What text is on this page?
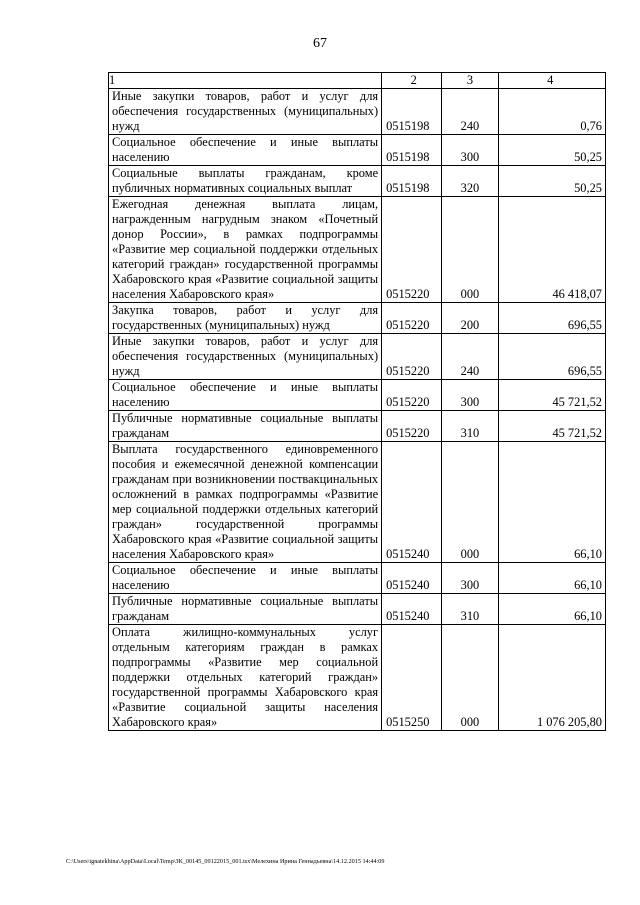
67
1	2	3	4
Иные закупки товаров, работ и услуг для обеспечения государственных (муниципальных) нужд	0515198	240	0,76
Социальное обеспечение и иные выплаты населению	0515198	300	50,25
Социальные выплаты гражданам, кроме публичных нормативных социальных выплат	0515198	320	50,25
Ежегодная денежная выплата лицам, награжденным нагрудным знаком «Почетный донор России», в рамках подпрограммы «Развитие мер социальной поддержки отдельных категорий граждан» государственной программы Хабаровского края «Развитие социальной защиты населения Хабаровского края»	0515220	000	46 418,07
Закупка товаров, работ и услуг для государственных (муниципальных) нужд	0515220	200	696,55
Иные закупки товаров, работ и услуг для обеспечения государственных (муниципальных) нужд	0515220	240	696,55
Социальное обеспечение и иные выплаты населению	0515220	300	45 721,52
Публичные нормативные социальные выплаты гражданам	0515220	310	45 721,52
Выплата государственного единовременного пособия и ежемесячной денежной компенсации гражданам при возникновении поствакцинальных осложнений в рамках подпрограммы «Развитие мер социальной поддержки отдельных категорий граждан» государственной программы Хабаровского края «Развитие социальной защиты населения Хабаровского края»	0515240	000	66,10
Социальное обеспечение и иные выплаты населению	0515240	300	66,10
Публичные нормативные социальные выплаты гражданам	0515240	310	66,10
Оплата жилищно-коммунальных услуг отдельным категориям граждан в рамках подпрограммы «Развитие мер социальной поддержки отдельных категорий граждан» государственной программы Хабаровского края «Развитие социальной защиты населения Хабаровского края»	0515250	000	1 076 205,80
C:\Users\ignatekhina\AppData\Local\Temp\ЗК_00145_09122015_001.tsx\Мелехина Ирина Геннадьевна\14.12.2015 14:44:09
